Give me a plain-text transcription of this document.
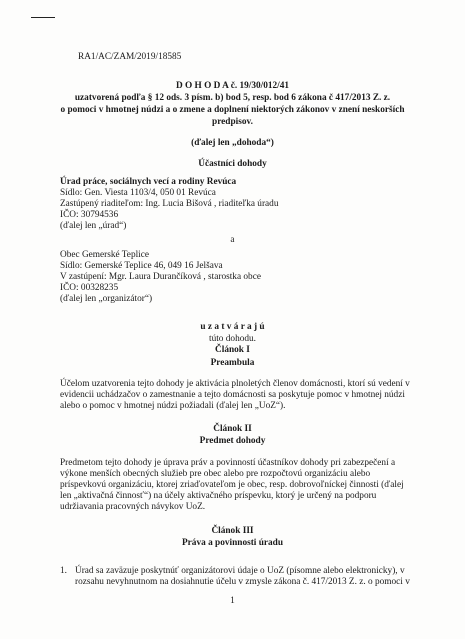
RA1/AC/ZAM/2019/18585
D O H O D A č. 19/30/012/41
uzatvorená podľa § 12 ods. 3 písm. b) bod 5, resp. bod 6 zákona č 417/2013 Z. z.
o pomoci v hmotnej núdzi a o zmene a doplnení niektorých zákonov v znení neskorších
predpisov.
(ďalej len „dohoda“)
Účastníci dohody
Úrad práce, sociálnych vecí a rodiny Revúca
Sídlo: Gen. Viesta 1103/4, 050 01 Revúca
Zastúpený riaditeľom: Ing. Lucia Bišová , riaditeľka úradu
IČO: 30794536
(ďalej len „úrad“)
a
Obec Gemerské Teplice
Sídlo: Gemerské Teplice 46, 049 16 Jelšava
V zastúpení: Mgr. Laura Durančíková , starostka obce
IČO: 00328235
(ďalej len „organizátor“)
u z a t v á r a j ú
túto dohodu.
Článok I
Preambula
Účelom uzatvorenia tejto dohody je aktivácia plnoletých členov domácnosti, ktorí sú vedení v
evidencii uchádzačov o zamestnanie a tejto domácnosti sa poskytuje pomoc v hmotnej núdzi
alebo o pomoc v hmotnej núdzi požiadali (ďalej len „UoZ“).
Článok II
Predmet dohody
Predmetom tejto dohody je úprava práv a povinností účastníkov dohody pri zabezpečení a
výkone menších obecných služieb pre obec alebo pre rozpočtovú organizáciu alebo
príspevkovú organizáciu, ktorej zriaďovateľom je obec, resp. dobrovoľníckej činnosti (ďalej
len „aktivačná činnosť“) na účely aktivačného príspevku, ktorý je určený na podporu
udržiavania pracovných návykov UoZ.
Článok III
Práva a povinnosti úradu
1. Úrad sa zaväzuje poskytnúť organizátorovi údaje o UoZ (písomne alebo elektronicky), v
rozsahu nevyhnutnom na dosiahnutie účelu v zmysle zákona č. 417/2013 Z. z. o pomoci v
1
